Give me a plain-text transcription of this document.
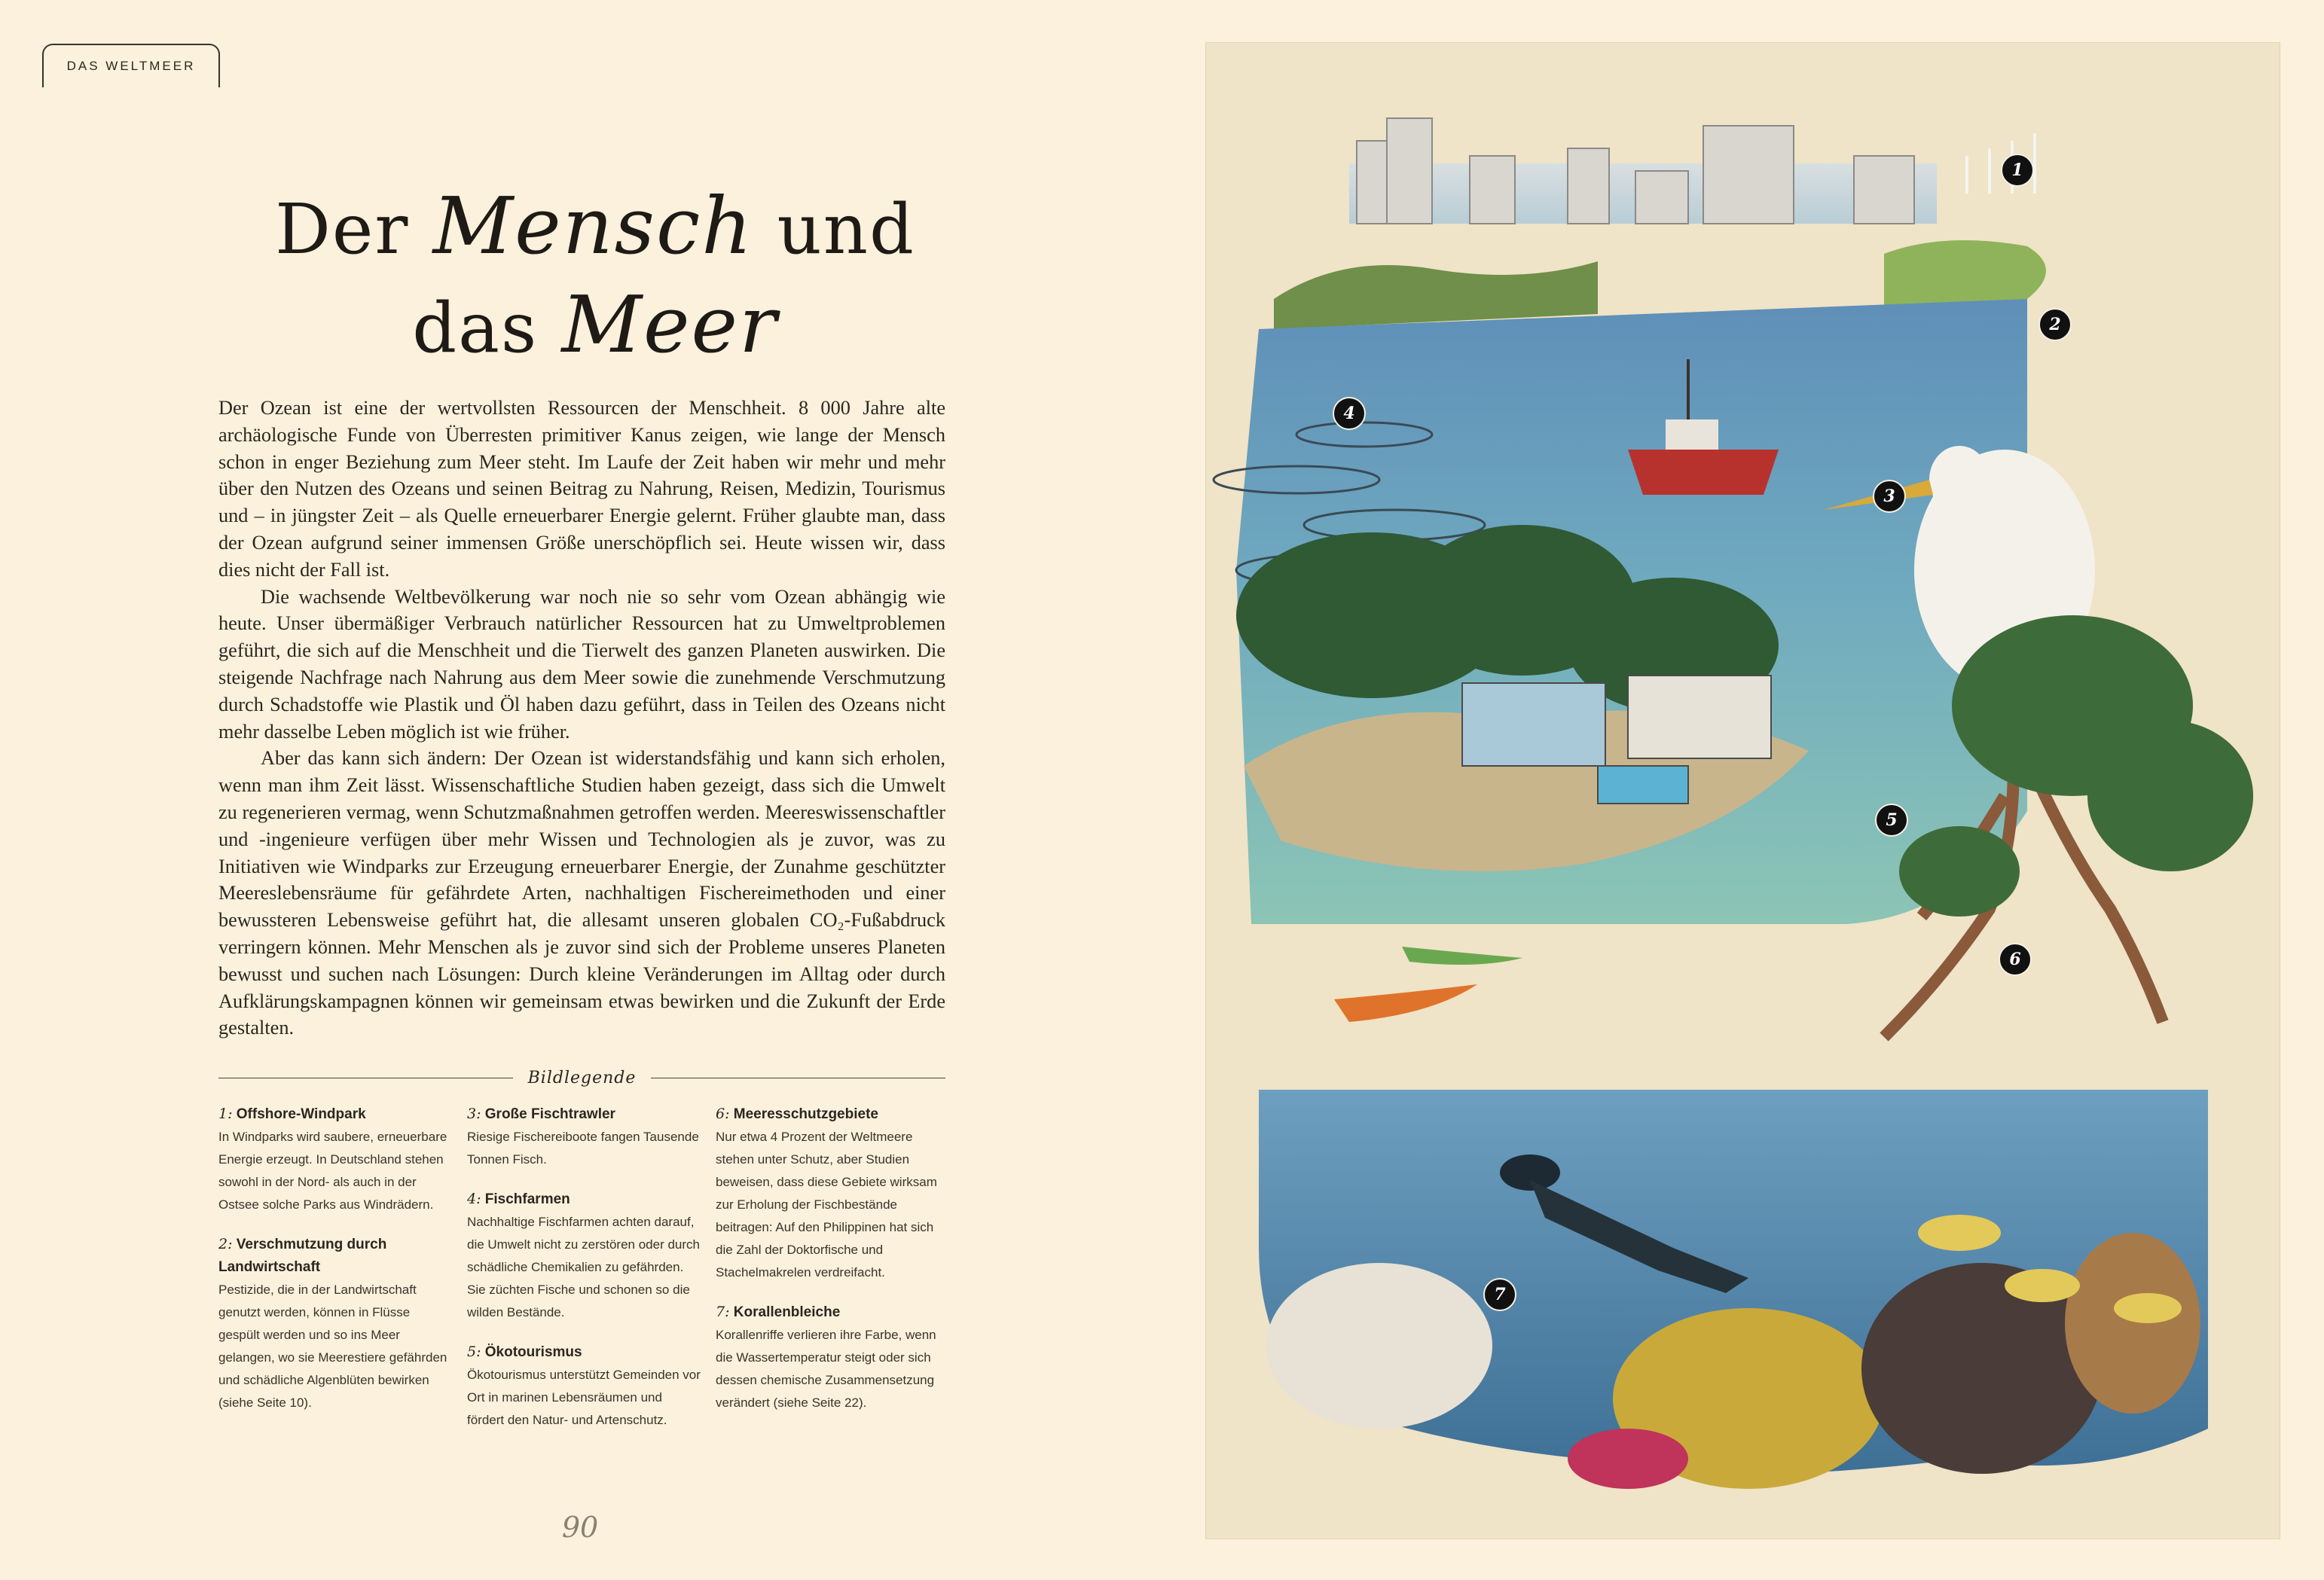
DAS WELTMEER
Der Mensch und
das Meer

Der Ozean ist eine der wertvollsten Ressourcen der Menschheit. 8 000 Jahre alte archäologische Funde von Überresten primitiver Kanus zeigen, wie lange der Mensch schon in enger Beziehung zum Meer steht. Im Laufe der Zeit haben wir mehr und mehr über den Nutzen des Ozeans und seinen Beitrag zu Nahrung, Reisen, Medizin, Tourismus und – in jüngster Zeit – als Quelle erneuerbarer Energie gelernt. Früher glaubte man, dass der Ozean aufgrund seiner immensen Größe unerschöpflich sei. Heute wissen wir, dass dies nicht der Fall ist.

Die wachsende Weltbevölkerung war noch nie so sehr vom Ozean abhängig wie heute. Unser übermäßiger Verbrauch natürlicher Ressourcen hat zu Umweltproblemen geführt, die sich auf die Menschheit und die Tierwelt des ganzen Planeten auswirken. Die steigende Nachfrage nach Nahrung aus dem Meer sowie die zunehmende Verschmutzung durch Schadstoffe wie Plastik und Öl haben dazu geführt, dass in Teilen des Ozeans nicht mehr dasselbe Leben möglich ist wie früher.

Aber das kann sich ändern: Der Ozean ist widerstandsfähig und kann sich erholen, wenn man ihm Zeit lässt. Wissenschaftliche Studien haben gezeigt, dass sich die Umwelt zu regenerieren vermag, wenn Schutzmaßnahmen getroffen werden. Meereswissenschaftler und -ingenieure verfügen über mehr Wissen und Technologien als je zuvor, was zu Initiativen wie Windparks zur Erzeugung erneuerbarer Energie, der Zunahme geschützter Meereslebensräume für gefährdete Arten, nachhaltigen Fischereimethoden und einer bewussteren Lebensweise geführt hat, die allesamt unseren globalen CO₂-Fußabdruck verringern können. Mehr Menschen als je zuvor sind sich der Probleme unseres Planeten bewusst und suchen nach Lösungen: Durch kleine Veränderungen im Alltag oder durch Aufklärungskampagnen können wir gemeinsam etwas bewirken und die Zukunft der Erde gestalten.

Bildlegende
1: Offshore-Windpark
In Windparks wird saubere, erneuerbare Energie erzeugt. In Deutschland stehen sowohl in der Nord- als auch in der Ostsee solche Parks aus Windrädern.
2: Verschmutzung durch Landwirtschaft
Pestizide, die in der Landwirtschaft genutzt werden, können in Flüsse gespült werden und so ins Meer gelangen, wo sie Meerestiere gefährden und schädliche Algenblüten bewirken (siehe Seite 10).
3: Große Fischtrawler
Riesige Fischereiboote fangen Tausende Tonnen Fisch.
4: Fischfarmen
Nachhaltige Fischfarmen achten darauf, die Umwelt nicht zu zerstören oder durch schädliche Chemikalien zu gefährden. Sie züchten Fische und schonen so die wilden Bestände.
5: Ökotourismus
Ökotourismus unterstützt Gemeinden vor Ort in marinen Lebensräumen und fördert den Natur- und Artenschutz.
6: Meeresschutzgebiete
Nur etwa 4 Prozent der Weltmeere stehen unter Schutz, aber Studien beweisen, dass diese Gebiete wirksam zur Erholung der Fischbestände beitragen: Auf den Philippinen hat sich die Zahl der Doktorfische und Stachelmakrelen verdreifacht.
7: Korallenbleiche
Korallenriffe verlieren ihre Farbe, wenn die Wassertemperatur steigt oder sich dessen chemische Zusammensetzung verändert (siehe Seite 22).
90
1
2
3
4
5
6
7
